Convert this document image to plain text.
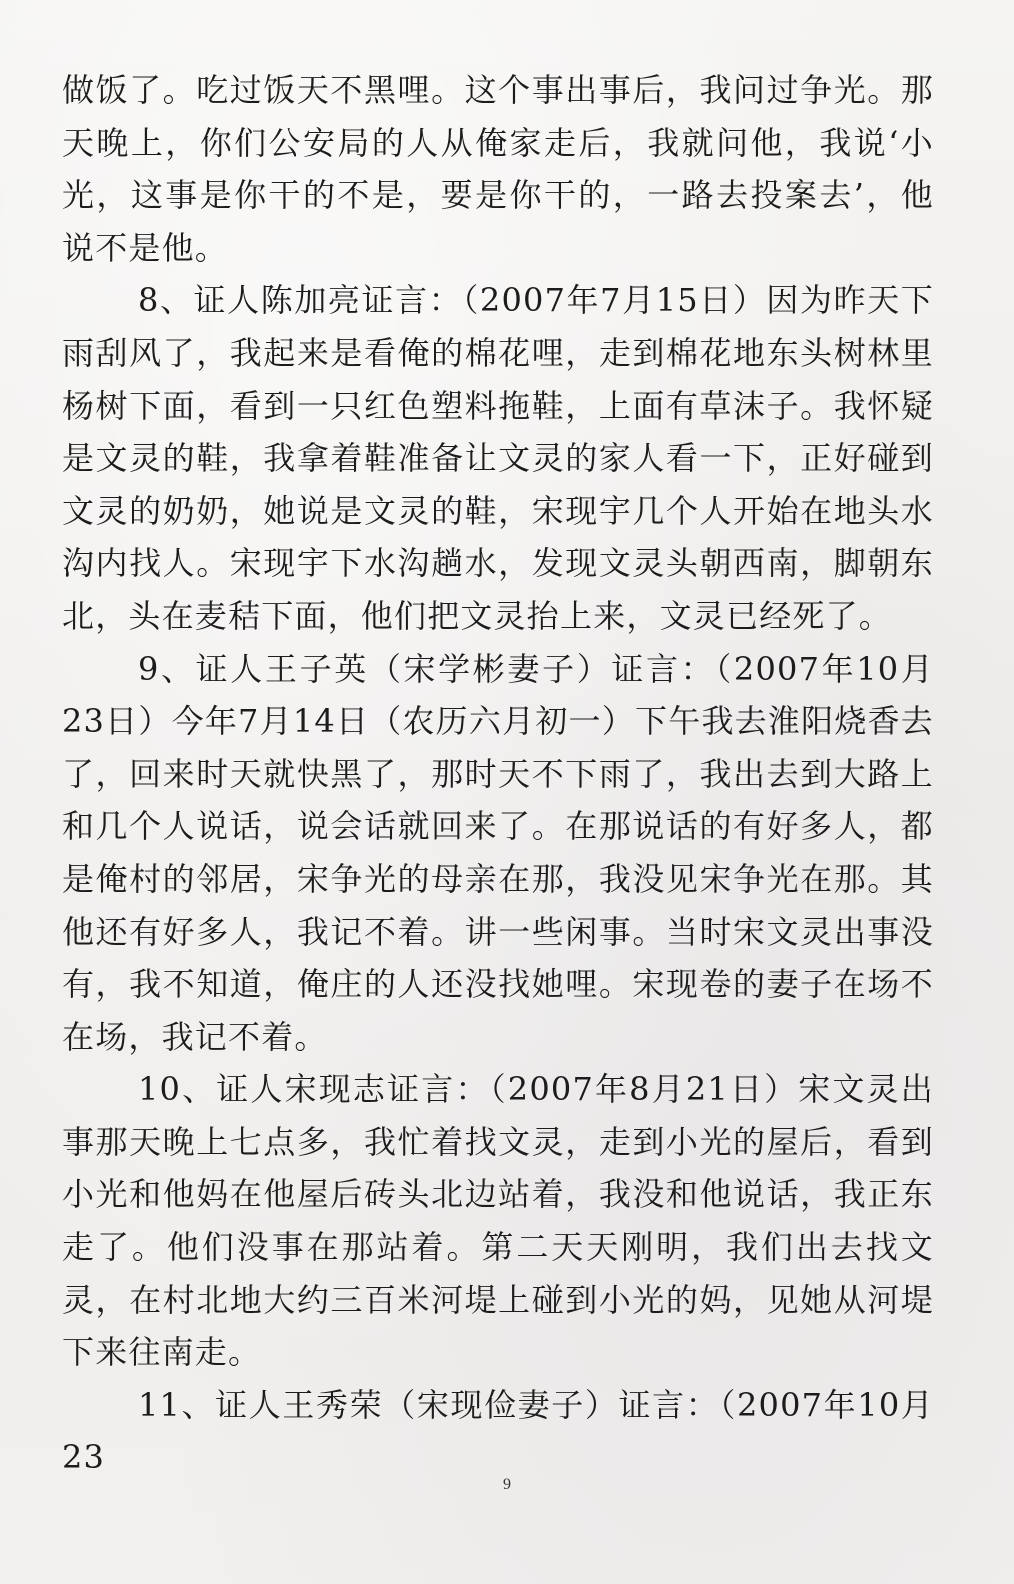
做饭了。吃过饭天不黑哩。这个事出事后，我问过争光。那天晚上，你们公安局的人从俺家走后，我就问他，我说‘小光，这事是你干的不是，要是你干的，一路去投案去’，他说不是他。

8、证人陈加亮证言：（2007年7月15日）因为昨天下雨刮风了，我起来是看俺的棉花哩，走到棉花地东头树林里杨树下面，看到一只红色塑料拖鞋，上面有草沫子。我怀疑是文灵的鞋，我拿着鞋准备让文灵的家人看一下，正好碰到文灵的奶奶，她说是文灵的鞋，宋现宇几个人开始在地头水沟内找人。宋现宇下水沟趟水，发现文灵头朝西南，脚朝东北，头在麦秸下面，他们把文灵抬上来，文灵已经死了。

9、证人王子英（宋学彬妻子）证言：（2007年10月23日）今年7月14日（农历六月初一）下午我去淮阳烧香去了，回来时天就快黑了，那时天不下雨了，我出去到大路上和几个人说话，说会话就回来了。在那说话的有好多人，都是俺村的邻居，宋争光的母亲在那，我没见宋争光在那。其他还有好多人，我记不着。讲一些闲事。当时宋文灵出事没有，我不知道，俺庄的人还没找她哩。宋现卷的妻子在场不在场，我记不着。

10、证人宋现志证言：（2007年8月21日）宋文灵出事那天晚上七点多，我忙着找文灵，走到小光的屋后，看到小光和他妈在他屋后砖头北边站着，我没和他说话，我正东走了。他们没事在那站着。第二天天刚明，我们出去找文灵，在村北地大约三百米河堤上碰到小光的妈，见她从河堤下来往南走。

11、证人王秀荣（宋现俭妻子）证言：（2007年10月23

9
